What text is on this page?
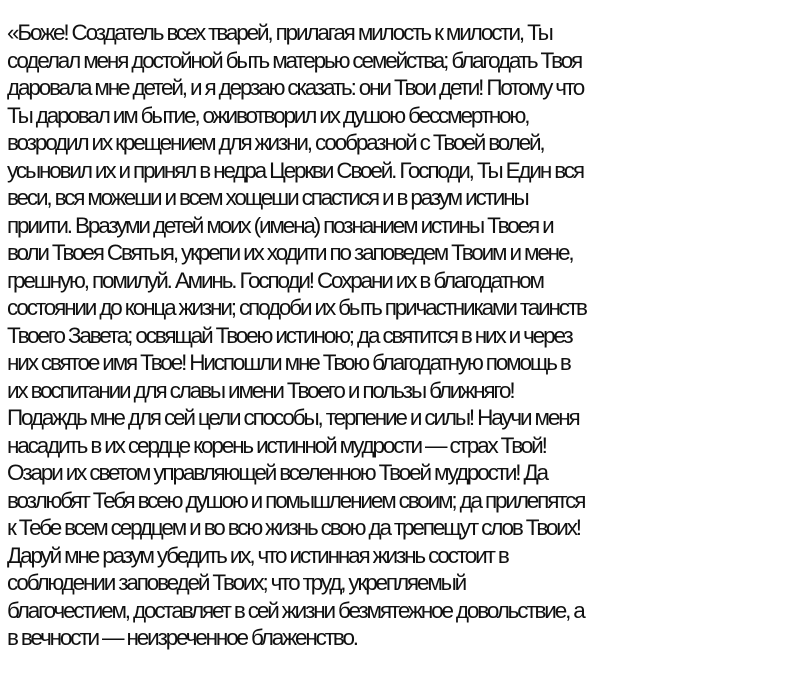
«Боже! Создатель всех тварей, прилагая милость к милости, Ты
соделал меня достойной быть матерью семейства; благодать Твоя
даровала мне детей, и я дерзаю сказать: они Твои дети! Потому что
Ты даровал им бытие, оживотворил их душою бессмертною,
возродил их крещением для жизни, сообразной с Твоей волей,
усыновил их и принял в недра Церкви Своей. Господи, Ты Един вся
веси, вся можеши и всем хощеши спастися и в разум истины
приити. Вразуми детей моих (имена) познанием истины Твоея и
воли Твоея Святыя, укрепи их ходити по заповедем Твоим и мене,
грешную, помилуй. Аминь. Господи! Сохрани их в благодатном
состоянии до конца жизни; сподоби их быть причастниками таинств
Твоего Завета; освящай Твоею истиною; да святится в них и через
них святое имя Твое! Ниспошли мне Твою благодатную помощь в
их воспитании для славы имени Твоего и пользы ближняго!
Подаждь мне для сей цели способы, терпение и силы! Научи меня
насадить в их сердце корень истинной мудрости — страх Твой!
Озари их светом управляющей вселенною Твоей мудрости! Да
возлюбят Тебя всею душою и помышлением своим; да прилепятся
к Тебе всем сердцем и во всю жизнь свою да трепещут слов Твоих!
Даруй мне разум убедить их, что истинная жизнь состоит в
соблюдении заповедей Твоих; что труд, укрепляемый
благочестием, доставляет в сей жизни безмятежное довольствие, а
в вечности — неизреченное блаженство.
